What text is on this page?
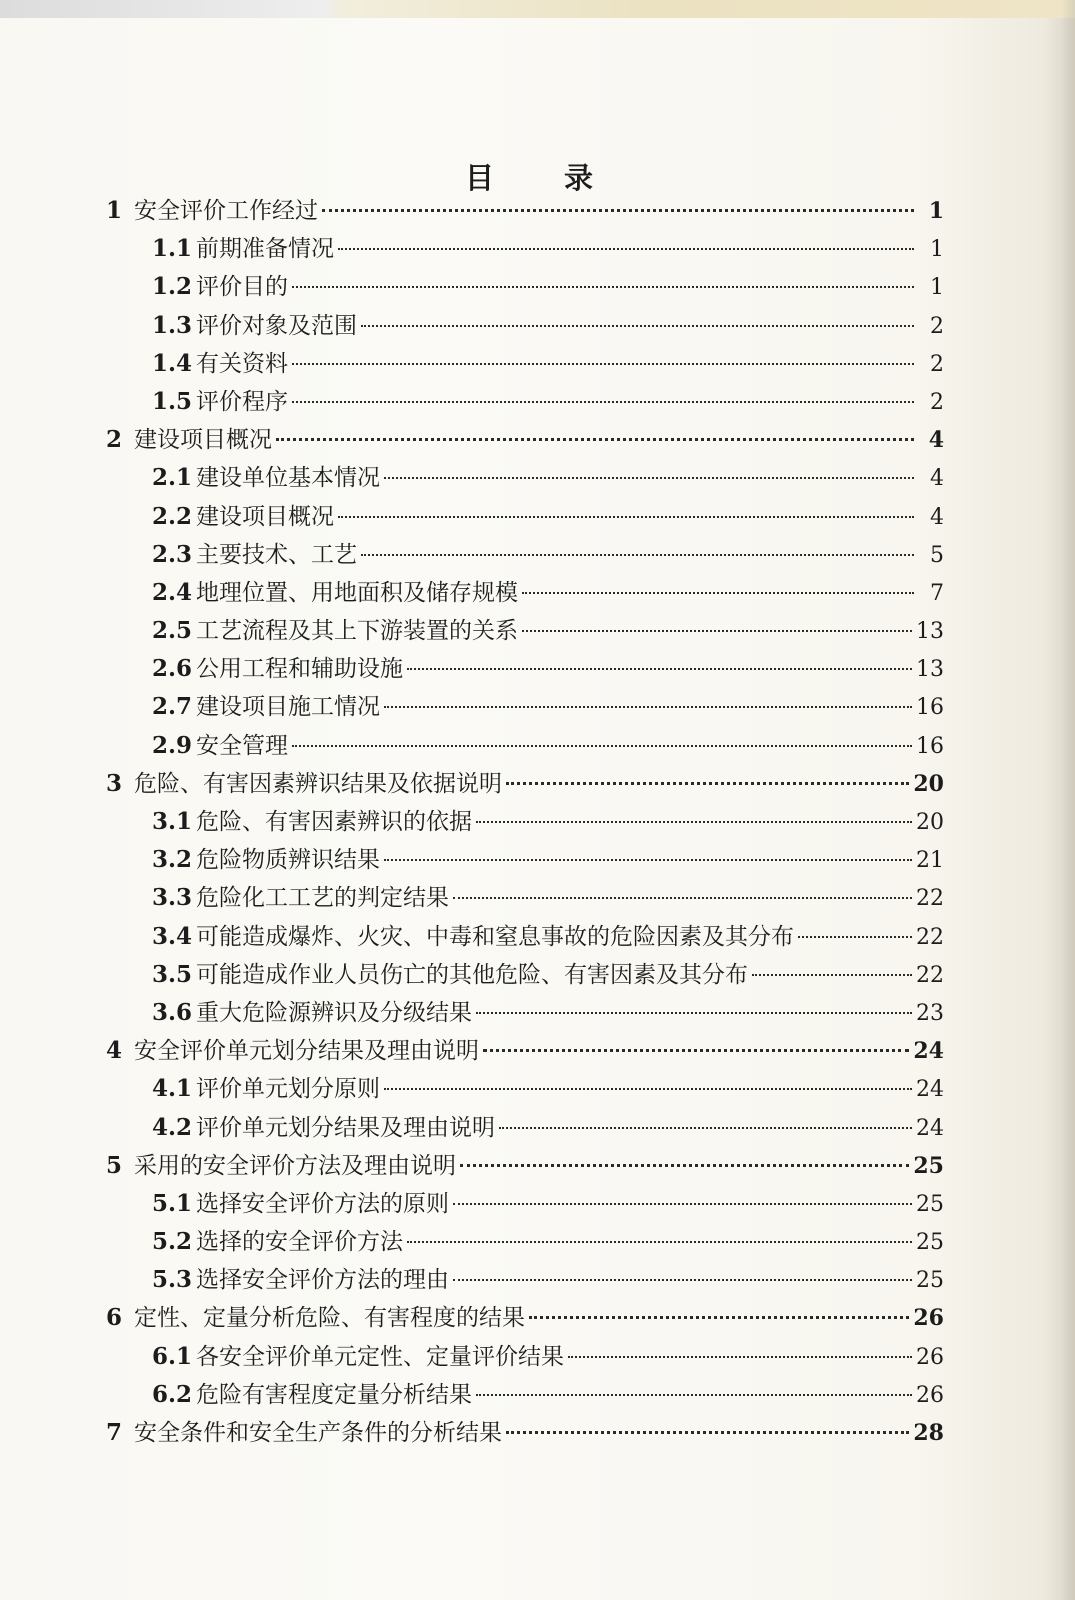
目 录
1 安全评价工作经过	1
1.1 前期准备情况	1
1.2 评价目的	1
1.3 评价对象及范围	2
1.4 有关资料	2
1.5 评价程序	2
2 建设项目概况	4
2.1 建设单位基本情况	4
2.2 建设项目概况	4
2.3 主要技术、工艺	5
2.4 地理位置、用地面积及储存规模	7
2.5 工艺流程及其上下游装置的关系	13
2.6 公用工程和辅助设施	13
2.7 建设项目施工情况	16
2.9 安全管理	16
3 危险、有害因素辨识结果及依据说明	20
3.1 危险、有害因素辨识的依据	20
3.2 危险物质辨识结果	21
3.3 危险化工工艺的判定结果	22
3.4 可能造成爆炸、火灾、中毒和窒息事故的危险因素及其分布	22
3.5 可能造成作业人员伤亡的其他危险、有害因素及其分布	22
3.6 重大危险源辨识及分级结果	23
4 安全评价单元划分结果及理由说明	24
4.1 评价单元划分原则	24
4.2 评价单元划分结果及理由说明	24
5 采用的安全评价方法及理由说明	25
5.1 选择安全评价方法的原则	25
5.2 选择的安全评价方法	25
5.3 选择安全评价方法的理由	25
6 定性、定量分析危险、有害程度的结果	26
6.1 各安全评价单元定性、定量评价结果	26
6.2 危险有害程度定量分析结果	26
7 安全条件和安全生产条件的分析结果	28
